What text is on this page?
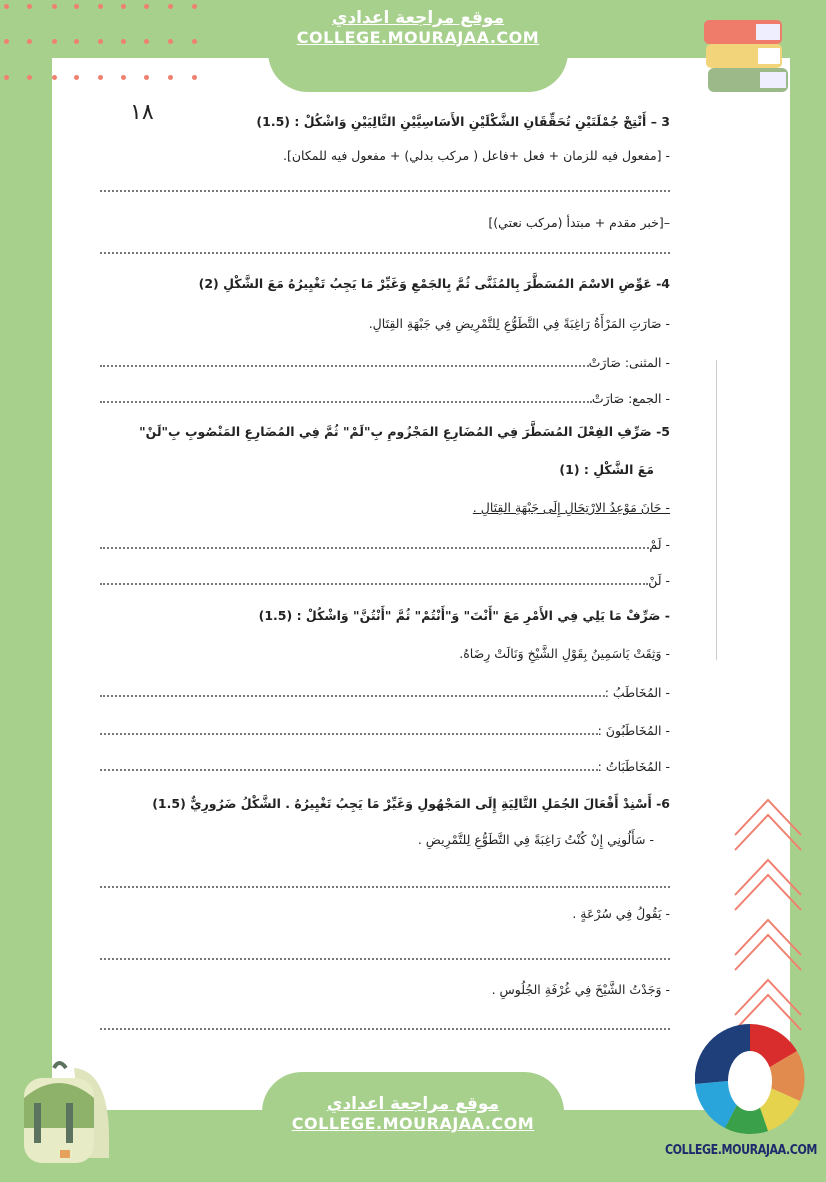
موقع مراجعة اعدادي
COLLEGE.MOURAJAA.COM
١٨	3 – أَنْتِجْ جُمْلَتَيْنِ تُحَقِّقَانِ الشَّكْلَيْنِ الأَسَاسِيَّيْنِ التَّالِيَيْنِ وَاشْكُلْ : (1.5)
- [مفعول فيه للزمان + فعل +فاعل ( مركب بدلي) + مفعول فيه للمكان].
–[خبر مقدم + مبتدأ (مركب نعتي)]
4- عَوِّضِ الاسْمَ المُسَطَّرَ بِالمُثَنَّى ثُمَّ بِالجَمْعِ وَغَيِّرْ مَا يَجِبُ تَغْيِيرُهُ مَعَ الشَّكْلِ (2)
- صَارَتِ المَرْأَةُ رَاغِبَةً فِي التَّطَوُّعِ لِلتَّمْرِيضِ فِي جَبْهَةِ القِتَالِ.
- المثنى: صَارَتْ
- الجمع: صَارَتْ
5- صَرِّفِ الفِعْلَ المُسَطَّرَ فِي المُضَارِعِ المَجْزُومِ بِ"لَمْ" ثُمَّ فِي المُضَارِعِ المَنْصُوبِ بِ"لَنْ"
مَعَ الشَّكْلِ : (1)
- حَانَ مَوْعِدُ الارْتِحَالِ إِلَى جَبْهَةِ القِتَالِ .
- لَمْ
- لَنْ
- صَرِّفْ مَا يَلِي فِي الأَمْرِ مَعَ "أَنْتَ" وَ"أَنْتُمْ" ثُمَّ "أَنْتُنَّ" وَاشْكُلْ : (1.5)
- وَثِقَتْ يَاسَمِينُ بِقَوْلِ الشَّيْخِ وَنَالَتْ رِضَاهُ.
- المُخَاطَبُ :
- المُخَاطَبُونَ :
- المُخَاطَبَاتُ :
6- أَسْنِدْ أَفْعَالَ الجُمَلِ التَّالِيَةِ إِلَى المَجْهُولِ وَغَيِّرْ مَا يَجِبُ تَغْيِيرُهُ . الشَّكْلُ ضَرُورِيٌّ (1.5)
- سَأَلُونِي إِنْ كُنْتُ رَاغِبَةً فِي التَّطَوُّعِ لِلتَّمْرِيضِ .
- يَقُولُ فِي سُرْعَةٍ .
- وَجَدْتُ الشَّيْخَ فِي غُرْفَةِ الجُلُوسِ .
موقع مراجعة اعدادي
COLLEGE.MOURAJAA.COM
COLLEGE.MOURAJAA.COM
